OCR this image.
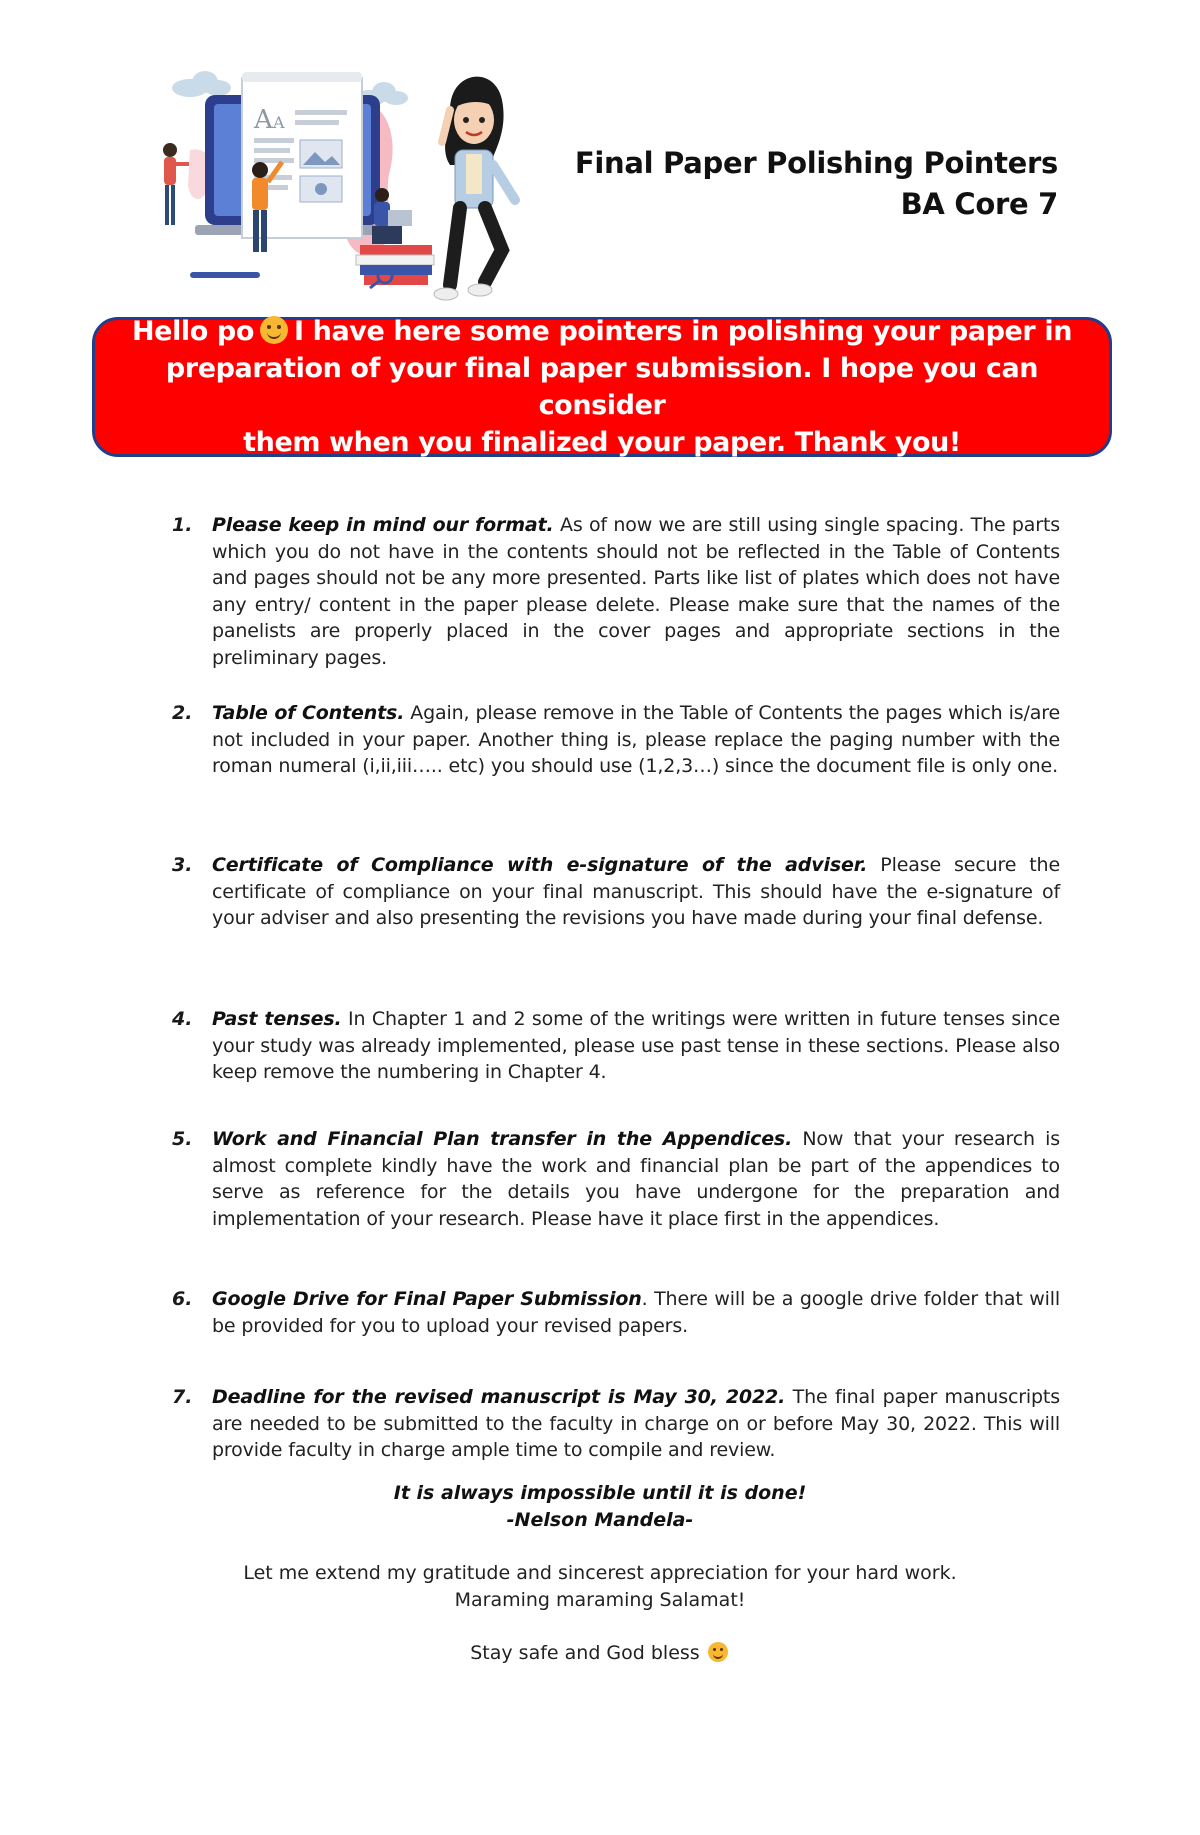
A A
Final Paper Polishing Pointers
BA Core 7
Hello po I have here some pointers in polishing your paper in
preparation of your final paper submission. I hope you can consider
them when you finalized your paper. Thank you!
1. Please keep in mind our format. As of now we are still using single spacing. The parts which you do not have in the contents should not be reflected in the Table of Contents and pages should not be any more presented. Parts like list of plates which does not have any entry/ content in the paper please delete. Please make sure that the names of the panelists are properly placed in the cover pages and appropriate sections in the preliminary pages.
2. Table of Contents. Again, please remove in the Table of Contents the pages which is/are not included in your paper. Another thing is, please replace the paging number with the roman numeral (i,ii,iii….. etc) you should use (1,2,3…) since the document file is only one.
3. Certificate of Compliance with e-signature of the adviser. Please secure the certificate of compliance on your final manuscript. This should have the e-signature of your adviser and also presenting the revisions you have made during your final defense.
4. Past tenses. In Chapter 1 and 2 some of the writings were written in future tenses since your study was already implemented, please use past tense in these sections. Please also keep remove the numbering in Chapter 4.
5. Work and Financial Plan transfer in the Appendices. Now that your research is almost complete kindly have the work and financial plan be part of the appendices to serve as reference for the details you have undergone for the preparation and implementation of your research. Please have it place first in the appendices.
6. Google Drive for Final Paper Submission. There will be a google drive folder that will be provided for you to upload your revised papers.
7. Deadline for the revised manuscript is May 30, 2022. The final paper manuscripts are needed to be submitted to the faculty in charge on or before May 30, 2022. This will provide faculty in charge ample time to compile and review.
It is always impossible until it is done!
-Nelson Mandela-
Let me extend my gratitude and sincerest appreciation for your hard work.
Maraming maraming Salamat!
Stay safe and God bless
